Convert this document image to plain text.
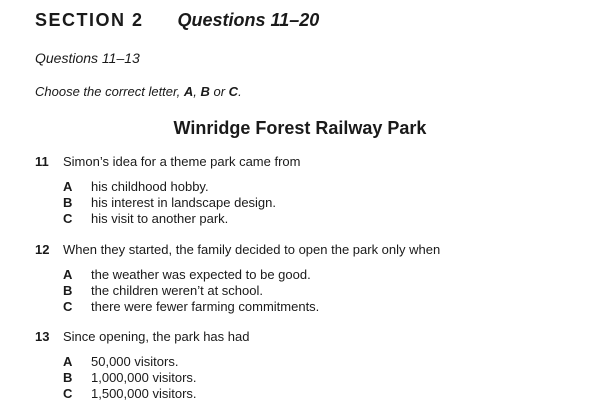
SECTION 2 Questions 11–20
Questions 11–13
Choose the correct letter, A, B or C.
Winridge Forest Railway Park
11	Simon’s idea for a theme park came from
A	his childhood hobby.
B	his interest in landscape design.
C	his visit to another park.
12	When they started, the family decided to open the park only when
A	the weather was expected to be good.
B	the children weren’t at school.
C	there were fewer farming commitments.
13	Since opening, the park has had
A	50,000 visitors.
B	1,000,000 visitors.
C	1,500,000 visitors.
